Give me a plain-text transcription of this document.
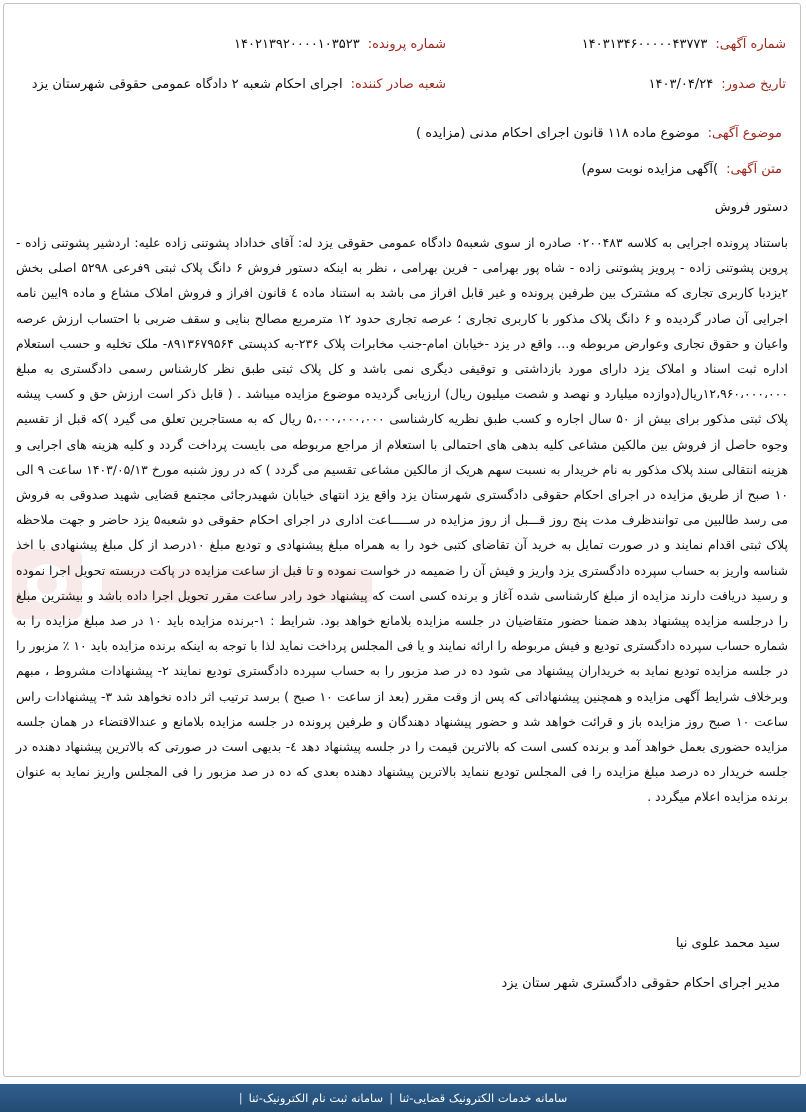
شماره آگهی:
۱۴۰۳۱۳۴۶۰۰۰۰۰۴۳۷۷۳
شماره پرونده:
۱۴۰۲۱۳۹۲۰۰۰۰۱۰۳۵۲۳
تاریخ صدور:
۱۴۰۳/۰۴/۲۴
شعبه صادر کننده:
اجرای احکام شعبه ۲ دادگاه عمومی حقوقی شهرستان یزد
موضوع آگهی:
موضوع ماده ۱۱۸ قانون اجرای احکام مدنی (مزایده )
متن آگهی:
)آگهی مزایده نوبت سوم)
دستور فروش

باستناد پرونده اجرایی به کلاسه ۰۲۰۰۴۸۳ صادره از سوی شعبه۵ دادگاه عمومی حقوقی یزد له: آقای خداداد پشوتنی زاده علیه: اردشیر پشوتنی زاده - پروین پشوتنی زاده - پرویز پشوتنی زاده - شاه پور بهرامی - فرین بهرامی ، نظر به اینکه دستور فروش ۶ دانگ پلاک ثبتی ۹فرعی ۵۲۹۸ اصلی بخش ۲یزدبا کاربری تجاری که مشترک بین طرفین پرونده و غیر قابل افراز می باشد به استناد ماده ٤ قانون افراز و فروش املاک مشاع و ماده ۹ایین نامه اجرایی آن صادر گردیده و ۶ دانگ پلاک مذکور با کاربری تجاری ؛ عرصه تجاری حدود ۱۲ مترمربع مصالح بنایی و سقف ضربی با احتساب ارزش عرصه واعیان و حقوق تجاری وعوارض مربوطه و… واقع در یزد -خیابان امام-جنب مخابرات پلاک ۲۳۶-به کدپستی ۸۹۱۳۶۷۹۵۶۴- ملک تخلیه و حسب استعلام اداره ثبت اسناد و املاک یزد دارای مورد بازداشتی و توقیفی دیگری نمی باشد و کل پلاک ثبتی طبق نظر کارشناس رسمی دادگستری به مبلغ ۱۲،۹۶۰،۰۰۰،۰۰۰ریال(دوازده میلیارد و نهصد و شصت میلیون ریال) ارزیابی گردیده موضوع مزایده میباشد . ( قابل ذکر است ارزش حق و کسب پیشه پلاک ثبتی مذکور برای بیش از ۵۰ سال اجاره و کسب طبق نظریه کارشناسی ۵،۰۰۰،۰۰۰،۰۰۰ ریال که به مستاجرین تعلق می گیرد )که قبل از تقسیم وجوه حاصل از فروش بین مالکین مشاعی کلیه بدهی های احتمالی با استعلام از مراجع مربوطه می بایست پرداخت گردد و کلیه هزینه های اجرایی و هزینه انتقالی سند پلاک مذکور به نام خریدار به نسبت سهم هریک از مالکین مشاعی تقسیم می گردد ) که در روز شنبه مورخ ۱۴۰۳/۰۵/۱۳ ساعت ۹ الی ۱۰ صبح از طریق مزایده در اجرای احکام حقوقی دادگستری شهرستان یزد واقع یزد انتهای خیابان شهیدرجائی مجتمع قضایی شهید صدوقی به فروش می رسد طالبین می توانندظرف مدت پنج روز قـــبل از روز مزایده در ســـــاعت اداری در اجرای احکام حقوقی دو شعبه۵ یزد حاضر و جهت ملاحظه پلاک ثبتی اقدام نمایند و در صورت تمایل به خرید آن تقاضای کتبی خود را به همراه مبلغ پیشنهادی و تودیع مبلغ ۱۰درصد از کل مبلغ پیشنهادی با اخذ شناسه واریز به حساب سپرده دادگستری یزد واریز و فیش آن را ضمیمه در خواست نموده و تا قبل از ساعت مزایده در پاکت دربسته تحویل اجرا نموده و رسید دریافت دارند مزایده از مبلغ کارشناسی شده آغاز و برنده کسی است که پیشنهاد خود رادر ساعت مقرر تحویل اجرا داده باشد و بیشترین مبلغ را درجلسه مزایده پیشنهاد بدهد ضمنا حضور متقاضیان در جلسه مزایده بلامانع خواهد بود. شرایط : ۱-برنده مزایده باید ۱۰ در صد مبلغ مزایده را به شماره حساب سپرده دادگستری تودیع و فیش مربوطه را ارائه نمایند و یا فی المجلس پرداخت نماید لذا با توجه به اینکه برنده مزایده باید ۱۰ ٪ مزبور را در جلسه مزایده تودیع نماید به خریداران پیشنهاد می شود ده در صد مزبور را به حساب سپرده دادگستری تودیع نمایند ۲- پیشنهادات مشروط ، مبهم وبرخلاف شرایط آگهی مزایده و همچنین پیشنهاداتی که پس از وقت مقرر (بعد از ساعت ۱۰ صبح ) برسد ترتیب اثر داده نخواهد شد ۳- پیشنهادات راس ساعت ۱۰ صبح روز مزایده باز و قرائت خواهد شد و حضور پیشنهاد دهندگان و طرفین پرونده در جلسه مزایده بلامانع و عندالاقتضاء در همان جلسه مزایده حضوری بعمل خواهد آمد و برنده کسی است که بالاترین قیمت را در جلسه پیشنهاد دهد ٤- بدیهی است در صورتی که بالاترین پیشنهاد دهنده در جلسه خریدار ده درصد مبلغ مزایده را فی المجلس تودیع ننماید بالاترین پیشنهاد دهنده بعدی که ده در صد مزبور را فی المجلس واریز نماید به عنوان برنده مزایده اعلام میگردد .

سید محمد علوی نیا
مدیر اجرای احکام حقوقی دادگستری شهر ستان یزد
سامانه خدمات الکترونیک قضایی-ثنا
|
سامانه ثبت نام الکترونیک-ثنا
|
